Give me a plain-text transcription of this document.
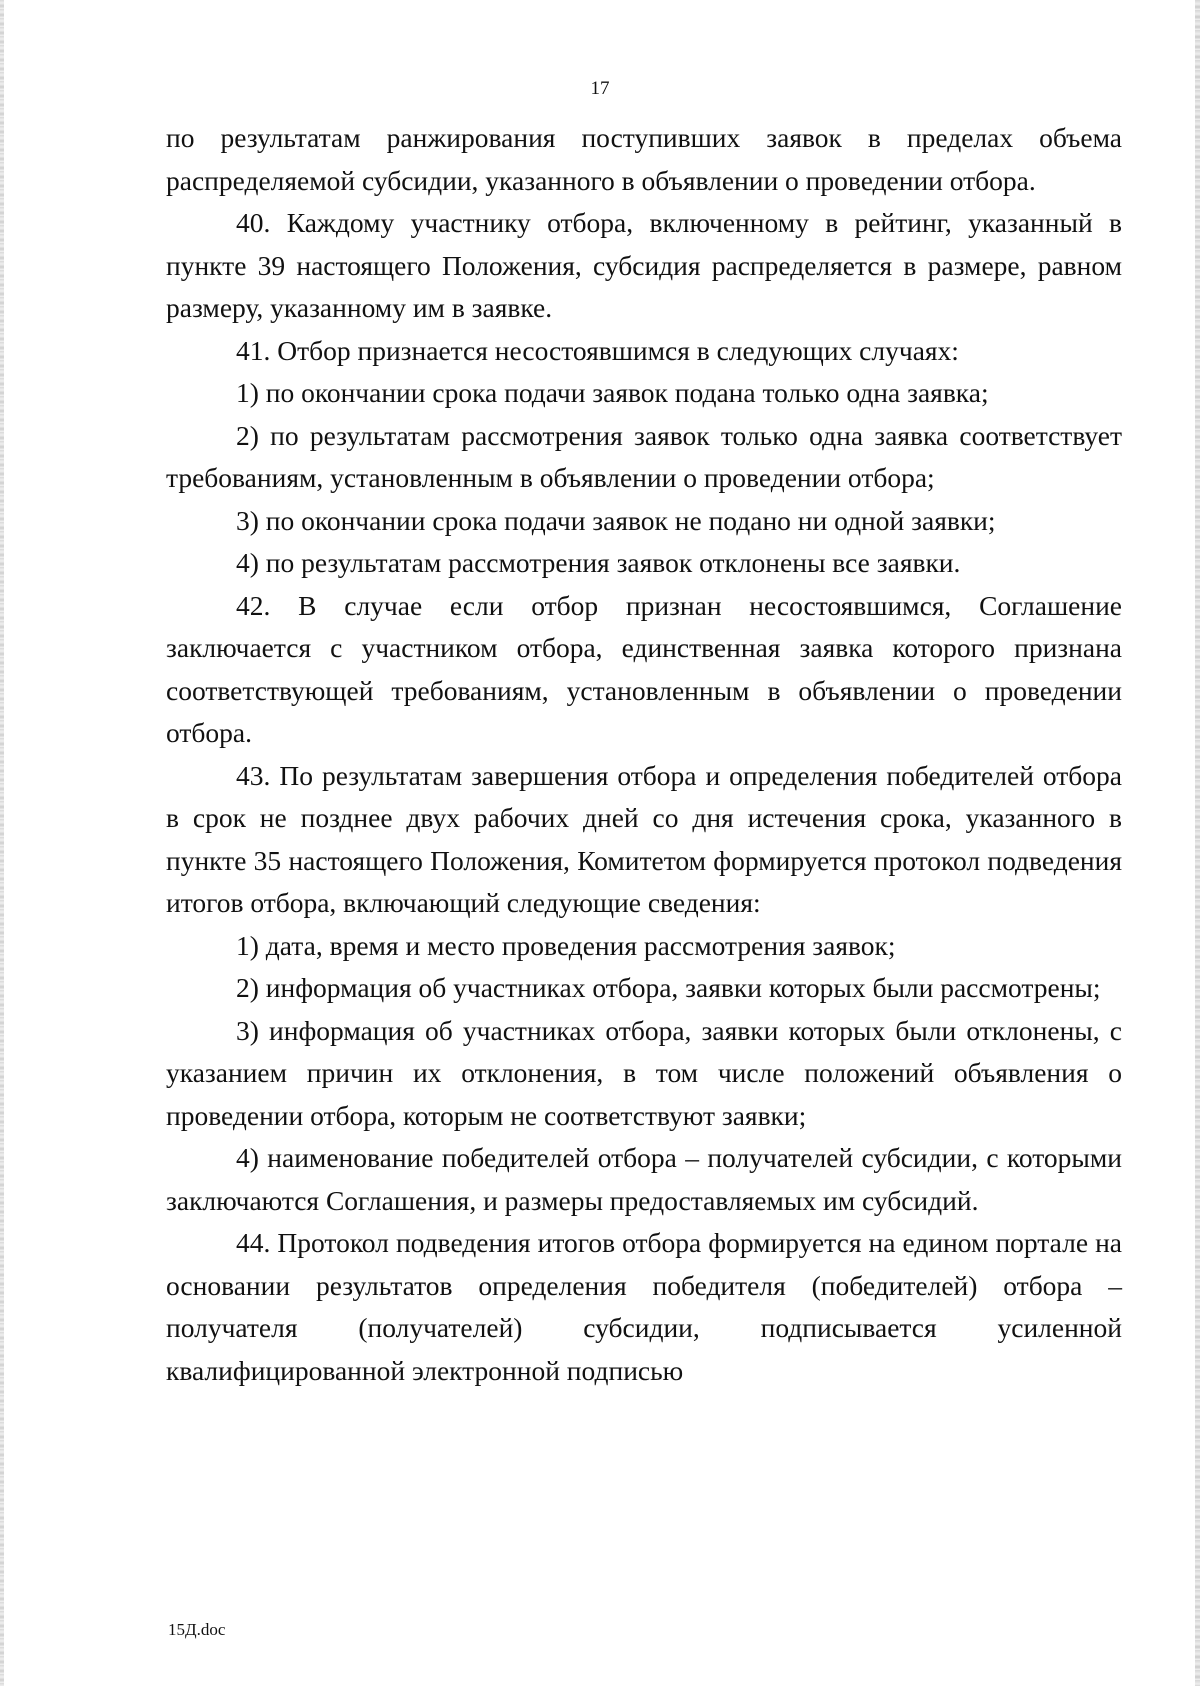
17

по результатам ранжирования поступивших заявок в пределах объема распределяемой субсидии, указанного в объявлении о проведении отбора.

40. Каждому участнику отбора, включенному в рейтинг, указанный в пункте 39 настоящего Положения, субсидия распределяется в размере, равном размеру, указанному им в заявке.

41. Отбор признается несостоявшимся в следующих случаях:

1) по окончании срока подачи заявок подана только одна заявка;

2) по результатам рассмотрения заявок только одна заявка соответствует требованиям, установленным в объявлении о проведении отбора;

3) по окончании срока подачи заявок не подано ни одной заявки;

4) по результатам рассмотрения заявок отклонены все заявки.

42. В случае если отбор признан несостоявшимся, Соглашение заключается с участником отбора, единственная заявка которого признана соответствующей требованиям, установленным в объявлении о проведении отбора.

43. По результатам завершения отбора и определения победителей отбора в срок не позднее двух рабочих дней со дня истечения срока, указанного в пункте 35 настоящего Положения, Комитетом формируется протокол подведения итогов отбора, включающий следующие сведения:

1) дата, время и место проведения рассмотрения заявок;

2) информация об участниках отбора, заявки которых были рассмотрены;

3) информация об участниках отбора, заявки которых были отклонены, с указанием причин их отклонения, в том числе положений объявления о проведении отбора, которым не соответствуют заявки;

4) наименование победителей отбора – получателей субсидии, с которыми заключаются Соглашения, и размеры предоставляемых им субсидий.

44. Протокол подведения итогов отбора формируется на едином портале на основании результатов определения победителя (победителей) отбора – получателя (получателей) субсидии, подписывается усиленной квалифицированной электронной подписью

15Д.doc
